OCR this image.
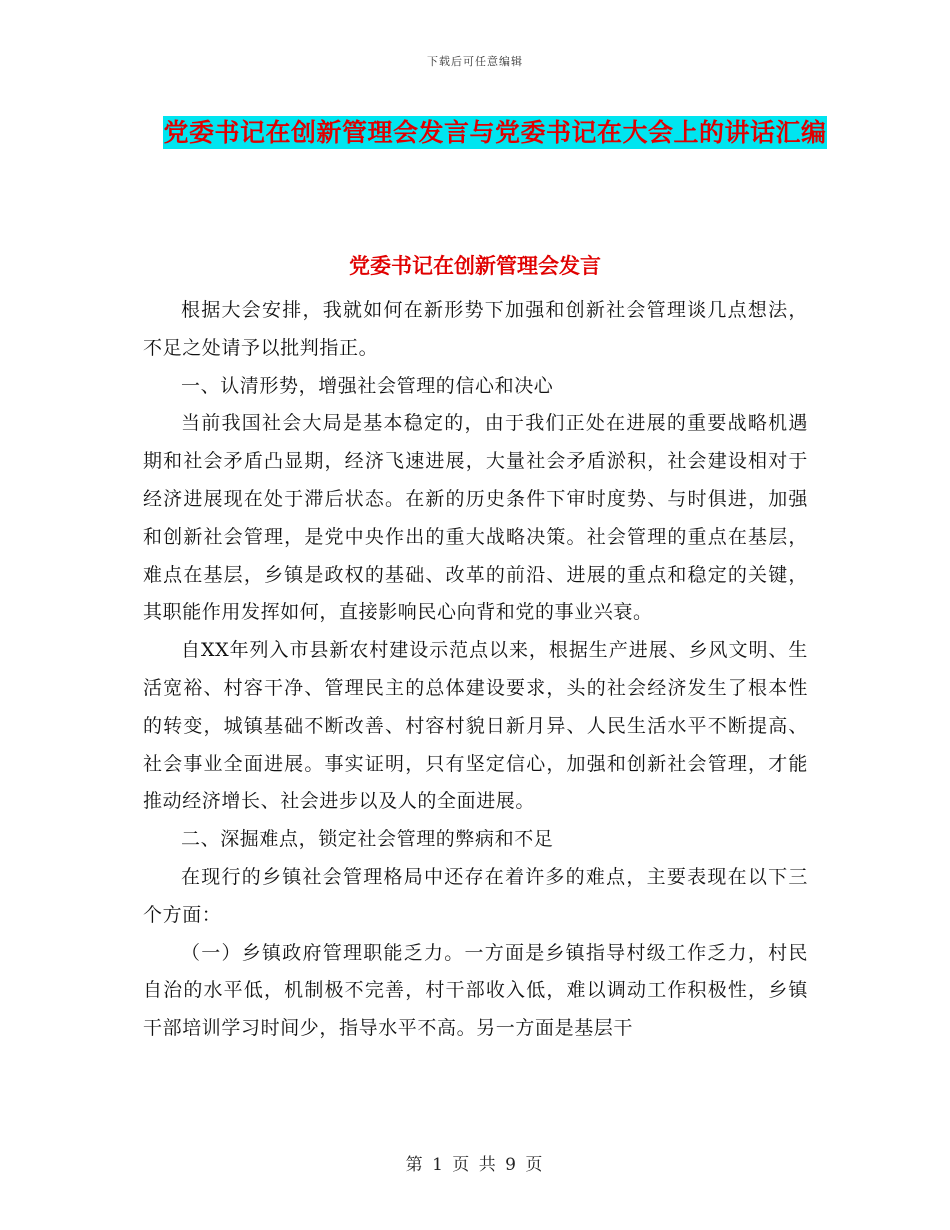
下载后可任意编辑
党委书记在创新管理会发言与党委书记在大会上的讲话汇编
党委书记在创新管理会发言

根据大会安排，我就如何在新形势下加强和创新社会管理谈几点想法，不足之处请予以批判指正。

一、认清形势，增强社会管理的信心和决心

当前我国社会大局是基本稳定的，由于我们正处在进展的重要战略机遇期和社会矛盾凸显期，经济飞速进展，大量社会矛盾淤积，社会建设相对于经济进展现在处于滞后状态。在新的历史条件下审时度势、与时俱进，加强和创新社会管理，是党中央作出的重大战略决策。社会管理的重点在基层，难点在基层，乡镇是政权的基础、改革的前沿、进展的重点和稳定的关键，其职能作用发挥如何，直接影响民心向背和党的事业兴衰。

自XX年列入市县新农村建设示范点以来，根据生产进展、乡风文明、生活宽裕、村容干净、管理民主的总体建设要求，头的社会经济发生了根本性的转变，城镇基础不断改善、村容村貌日新月异、人民生活水平不断提高、社会事业全面进展。事实证明，只有坚定信心，加强和创新社会管理，才能推动经济增长、社会进步以及人的全面进展。

二、深掘难点，锁定社会管理的弊病和不足

在现行的乡镇社会管理格局中还存在着许多的难点，主要表现在以下三个方面：

（一）乡镇政府管理职能乏力。一方面是乡镇指导村级工作乏力，村民自治的水平低，机制极不完善，村干部收入低，难以调动工作积极性，乡镇干部培训学习时间少，指导水平不高。另一方面是基层干

第 1 页 共 9 页
